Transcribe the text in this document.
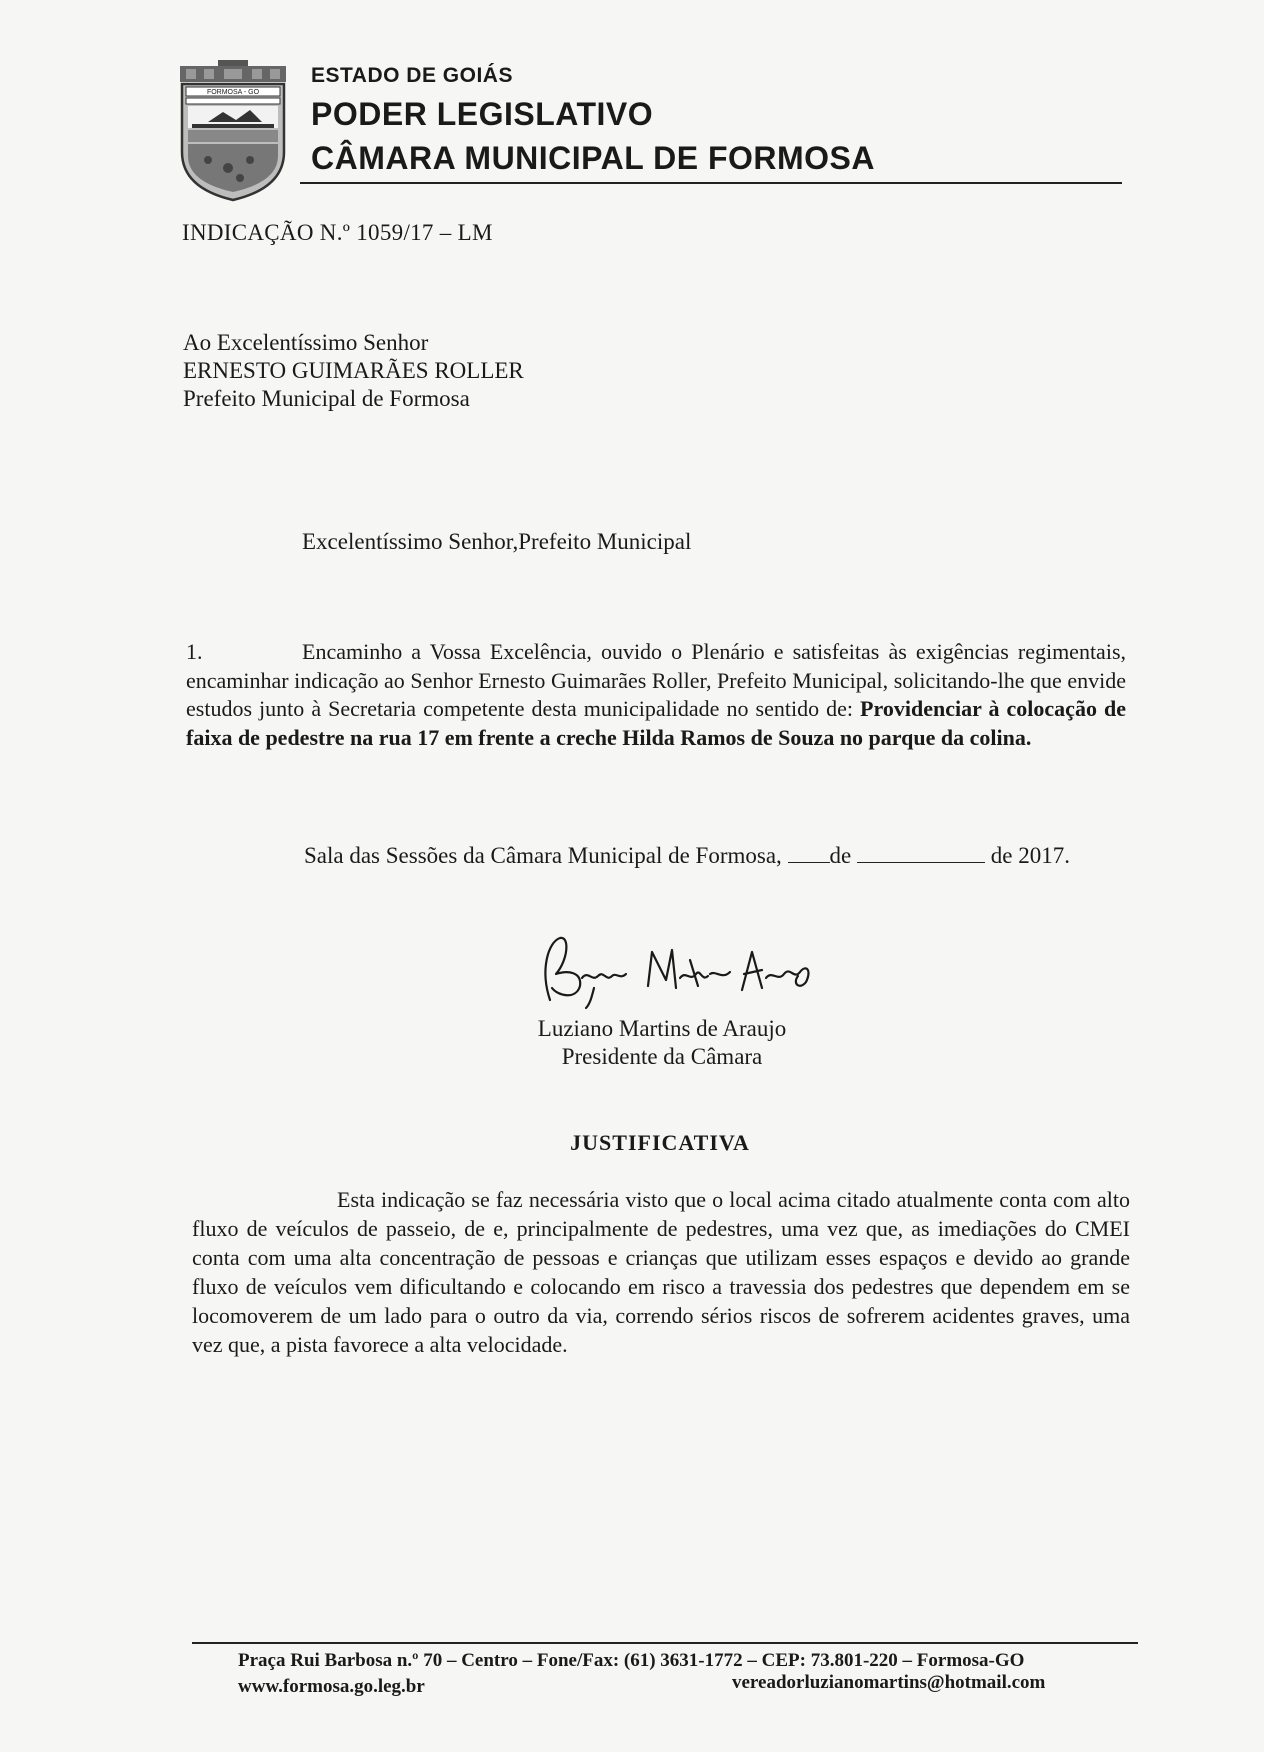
FORMOSA - GO
ESTADO DE GOIÁS
PODER LEGISLATIVO
CÂMARA MUNICIPAL DE FORMOSA
INDICAÇÃO N.º 1059/17 – LM
Ao Excelentíssimo Senhor
ERNESTO GUIMARÃES ROLLER
Prefeito Municipal de Formosa
Excelentíssimo Senhor,Prefeito Municipal
1.	Encaminho a Vossa Excelência, ouvido o Plenário e satisfeitas às exigências regimentais, encaminhar indicação ao Senhor Ernesto Guimarães Roller, Prefeito Municipal, solicitando-lhe que envide estudos junto à Secretaria competente desta municipalidade no sentido de: Providenciar à colocação de faixa de pedestre na rua 17 em frente a creche Hilda Ramos de Souza no parque da colina.
Sala das Sessões da Câmara Municipal de Formosa, de	de 2017.
Luziano Martins de Araujo
Presidente da Câmara
JUSTIFICATIVA
Esta indicação se faz necessária visto que o local acima citado atualmente conta com alto fluxo de veículos de passeio, de e, principalmente de pedestres, uma vez que, as imediações do CMEI conta com uma alta concentração de pessoas e crianças que utilizam esses espaços e devido ao grande fluxo de veículos vem dificultando e colocando em risco a travessia dos pedestres que dependem em se locomoverem de um lado para o outro da via, correndo sérios riscos de sofrerem acidentes graves, uma vez que, a pista favorece a alta velocidade.
Praça Rui Barbosa n.º 70 – Centro – Fone/Fax: (61) 3631-1772 – CEP: 73.801-220 – Formosa-GO
www.formosa.go.leg.br	vereadorluzianomartins@hotmail.com
